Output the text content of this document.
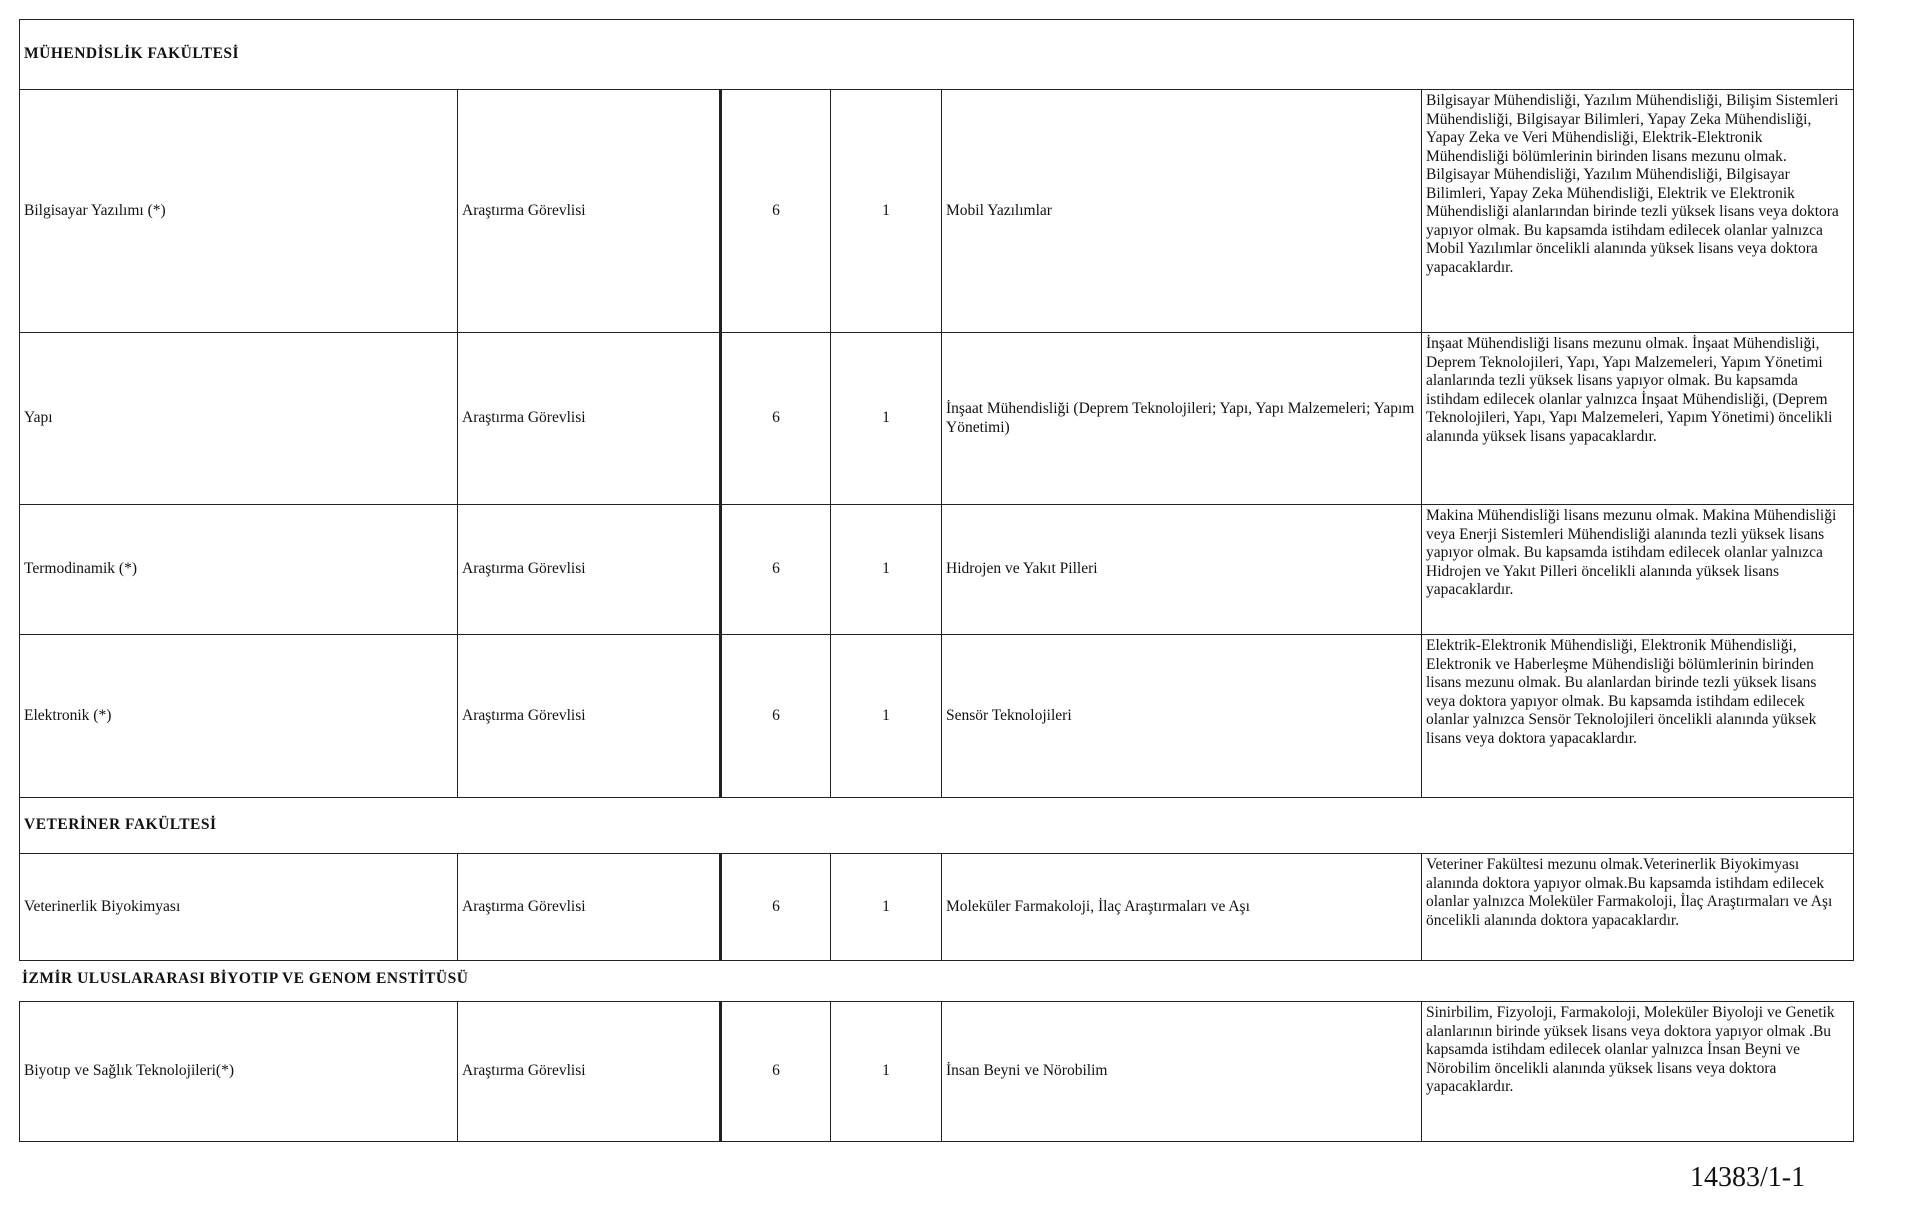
MÜHENDİSLİK FAKÜLTESİ					
Bilgisayar Yazılımı (*)	Araştırma Görevlisi	6	1	Mobil Yazılımlar	Bilgisayar Mühendisliği, Yazılım Mühendisliği, Bilişim Sistemleri Mühendisliği, Bilgisayar Bilimleri, Yapay Zeka Mühendisliği, Yapay Zeka ve Veri Mühendisliği, Elektrik-Elektronik Mühendisliği bölümlerinin birinden lisans mezunu olmak. Bilgisayar Mühendisliği, Yazılım Mühendisliği, Bilgisayar Bilimleri, Yapay Zeka Mühendisliği, Elektrik ve Elektronik Mühendisliği alanlarından birinde tezli yüksek lisans veya doktora yapıyor olmak. Bu kapsamda istihdam edilecek olanlar yalnızca Mobil Yazılımlar öncelikli alanında yüksek lisans veya doktora yapacaklardır.
Yapı	Araştırma Görevlisi	6	1	İnşaat Mühendisliği (Deprem Teknolojileri; Yapı, Yapı Malzemeleri; Yapım Yönetimi)	İnşaat Mühendisliği lisans mezunu olmak. İnşaat Mühendisliği, Deprem Teknolojileri, Yapı, Yapı Malzemeleri, Yapım Yönetimi alanlarında tezli yüksek lisans yapıyor olmak. Bu kapsamda istihdam edilecek olanlar yalnızca İnşaat Mühendisliği, (Deprem Teknolojileri, Yapı, Yapı Malzemeleri, Yapım Yönetimi) öncelikli alanında yüksek lisans yapacaklardır.
Termodinamik (*)	Araştırma Görevlisi	6	1	Hidrojen ve Yakıt Pilleri	Makina Mühendisliği lisans mezunu olmak. Makina Mühendisliği veya Enerji Sistemleri Mühendisliği alanında tezli yüksek lisans yapıyor olmak. Bu kapsamda istihdam edilecek olanlar yalnızca Hidrojen ve Yakıt Pilleri öncelikli alanında yüksek lisans yapacaklardır.
Elektronik (*)	Araştırma Görevlisi	6	1	Sensör Teknolojileri	Elektrik-Elektronik Mühendisliği, Elektronik Mühendisliği, Elektronik ve Haberleşme Mühendisliği bölümlerinin birinden lisans mezunu olmak. Bu alanlardan birinde tezli yüksek lisans veya doktora yapıyor olmak. Bu kapsamda istihdam edilecek olanlar yalnızca Sensör Teknolojileri öncelikli alanında yüksek lisans veya doktora yapacaklardır.
VETERİNER FAKÜLTESİ
Veterinerlik Biyokimyası	Araştırma Görevlisi	6	1	Moleküler Farmakoloji, İlaç Araştırmaları ve Aşı	Veteriner Fakültesi mezunu olmak.Veterinerlik Biyokimyası alanında doktora yapıyor olmak.Bu kapsamda istihdam edilecek olanlar yalnızca Moleküler Farmakoloji, İlaç Araştırmaları ve Aşı öncelikli alanında doktora yapacaklardır.
İZMİR ULUSLARARASI BİYOTIP VE GENOM ENSTİTÜSÜ
Biyotıp ve Sağlık Teknolojileri(*)	Araştırma Görevlisi	6	1	İnsan Beyni ve Nörobilim	Sinirbilim, Fizyoloji, Farmakoloji, Moleküler Biyoloji ve Genetik alanlarının birinde yüksek lisans veya doktora yapıyor olmak .Bu kapsamda istihdam edilecek olanlar yalnızca İnsan Beyni ve Nörobilim öncelikli alanında yüksek lisans veya doktora yapacaklardır.
14383/1-1
